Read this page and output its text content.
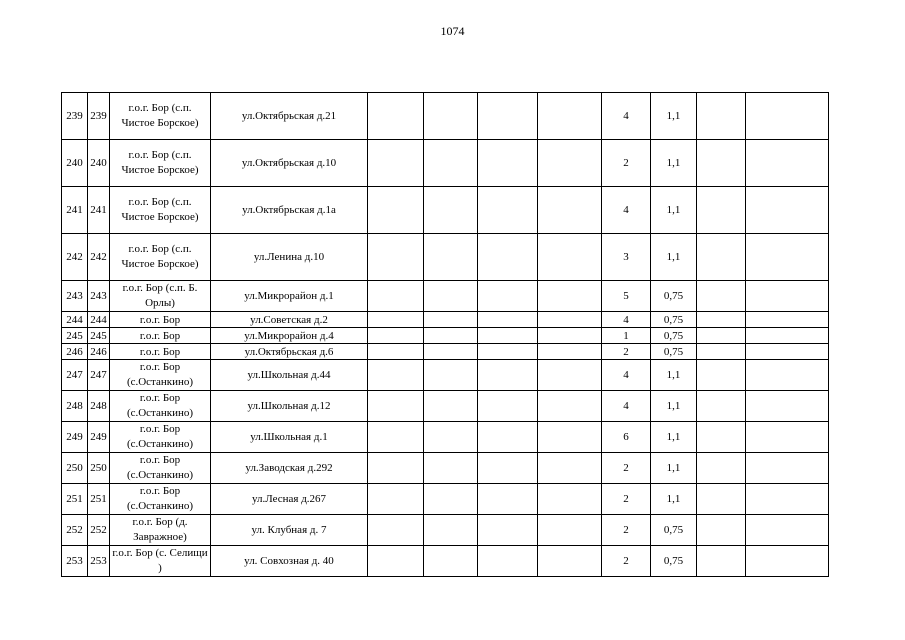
1074
239	239	г.о.г. Бор (с.п. Чистое Борское)	ул.Октябрьская д.21					4	1,1		
240	240	г.о.г. Бор (с.п. Чистое Борское)	ул.Октябрьская д.10					2	1,1		
241	241	г.о.г. Бор (с.п. Чистое Борское)	ул.Октябрьская д.1а					4	1,1		
242	242	г.о.г. Бор (с.п. Чистое Борское)	ул.Ленина д.10					3	1,1		
243	243	г.о.г. Бор (с.п. Б. Орлы)	ул.Микрорайон д.1					5	0,75		
244	244	г.о.г. Бор	ул.Советская д.2					4	0,75		
245	245	г.о.г. Бор	ул.Микрорайон д.4					1	0,75		
246	246	г.о.г. Бор	ул.Октябрьская д.6					2	0,75		
247	247	г.о.г. Бор (с.Останкино)	ул.Школьная д.44					4	1,1		
248	248	г.о.г. Бор (с.Останкино)	ул.Школьная д.12					4	1,1		
249	249	г.о.г. Бор (с.Останкино)	ул.Школьная д.1					6	1,1		
250	250	г.о.г. Бор (с.Останкино)	ул.Заводская д.292					2	1,1		
251	251	г.о.г. Бор (с.Останкино)	ул.Лесная д.267					2	1,1		
252	252	г.о.г. Бор (д. Завражное)	ул. Клубная д. 7					2	0,75		
253	253	г.о.г. Бор (с. Селищи )	ул. Совхозная д. 40					2	0,75		
